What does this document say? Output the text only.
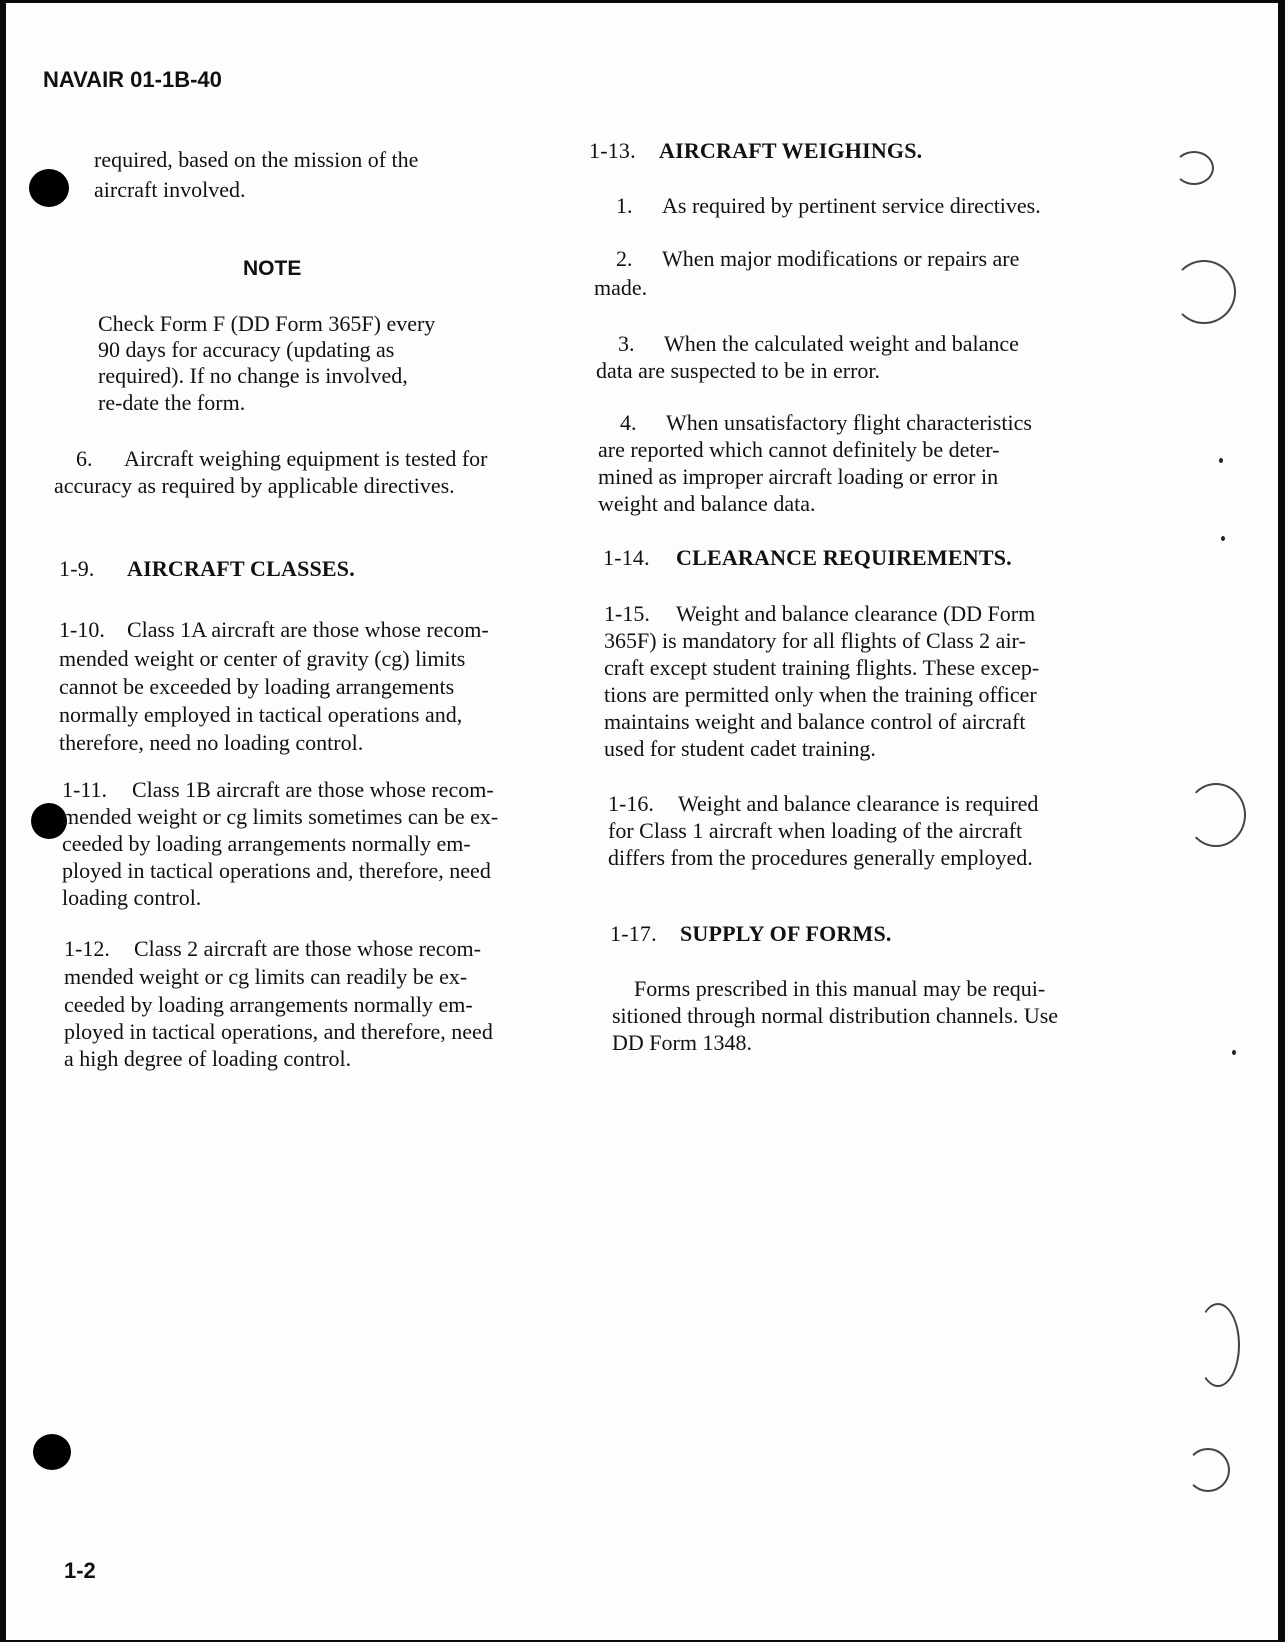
NAVAIR 01-1B-40
required, based on the mission of the
aircraft involved.
NOTE
Check Form F (DD Form 365F) every
90 days for accuracy (updating as
required). If no change is involved,
re-date the form.
6. Aircraft weighing equipment is tested for
accuracy as required by applicable directives.
1-9. AIRCRAFT CLASSES.
1-10. Class 1A aircraft are those whose recom-
mended weight or center of gravity (cg) limits
cannot be exceeded by loading arrangements
normally employed in tactical operations and,
therefore, need no loading control.
1-11. Class 1B aircraft are those whose recom-
mended weight or cg limits sometimes can be ex-
ceeded by loading arrangements normally em-
ployed in tactical operations and, therefore, need
loading control.
1-12. Class 2 aircraft are those whose recom-
mended weight or cg limits can readily be ex-
ceeded by loading arrangements normally em-
ployed in tactical operations, and therefore, need
a high degree of loading control.
1-13. AIRCRAFT WEIGHINGS.
1. As required by pertinent service directives.
2. When major modifications or repairs are
made.
3. When the calculated weight and balance
data are suspected to be in error.
4. When unsatisfactory flight characteristics
are reported which cannot definitely be deter-
mined as improper aircraft loading or error in
weight and balance data.
1-14. CLEARANCE REQUIREMENTS.
1-15. Weight and balance clearance (DD Form
365F) is mandatory for all flights of Class 2 air-
craft except student training flights. These excep-
tions are permitted only when the training officer
maintains weight and balance control of aircraft
used for student cadet training.
1-16. Weight and balance clearance is required
for Class 1 aircraft when loading of the aircraft
differs from the procedures generally employed.
1-17. SUPPLY OF FORMS.
Forms prescribed in this manual may be requi-
sitioned through normal distribution channels. Use
DD Form 1348.
1-2
